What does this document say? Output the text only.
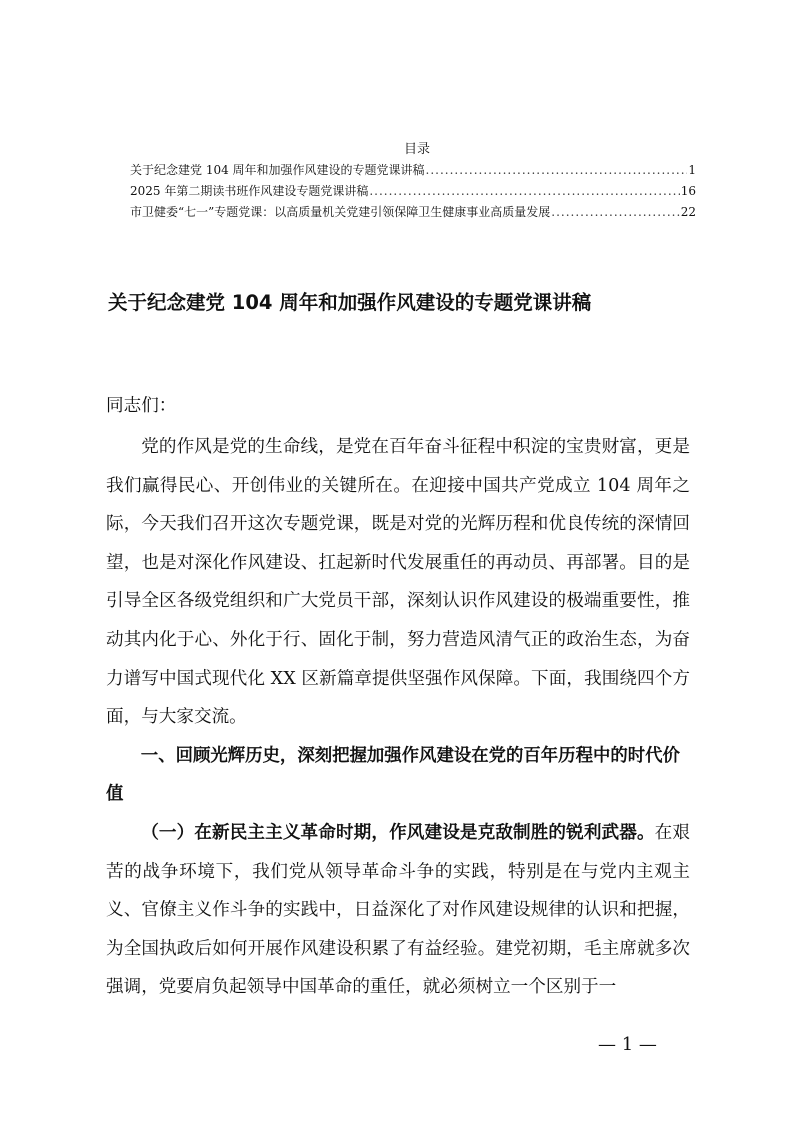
目录
关于纪念建党 104 周年和加强作风建设的专题党课讲稿 .....	1
2025 年第二期读书班作风建设专题党课讲稿 .....	16
市卫健委“七一”专题党课：以高质量机关党建引领保障卫生健康事业高质量发展 .....	22
关于纪念建党 104 周年和加强作风建设的专题党课讲稿
同志们：

党的作风是党的生命线，是党在百年奋斗征程中积淀的宝贵财富，更是我们赢得民心、开创伟业的关键所在。在迎接中国共产党成立 104 周年之际，今天我们召开这次专题党课，既是对党的光辉历程和优良传统的深情回望，也是对深化作风建设、扛起新时代发展重任的再动员、再部署。目的是引导全区各级党组织和广大党员干部，深刻认识作风建设的极端重要性，推动其内化于心、外化于行、固化于制，努力营造风清气正的政治生态，为奋力谱写中国式现代化 XX 区新篇章提供坚强作风保障。下面，我围绕四个方面，与大家交流。

一、回顾光辉历史，深刻把握加强作风建设在党的百年历程中的时代价值

（一）在新民主主义革命时期，作风建设是克敌制胜的锐利武器。在艰苦的战争环境下，我们党从领导革命斗争的实践，特别是在与党内主观主义、官僚主义作斗争的实践中，日益深化了对作风建设规律的认识和把握，为全国执政后如何开展作风建设积累了有益经验。建党初期，毛主席就多次强调，党要肩负起领导中国革命的重任，就必须树立一个区别于一

— 1 —
